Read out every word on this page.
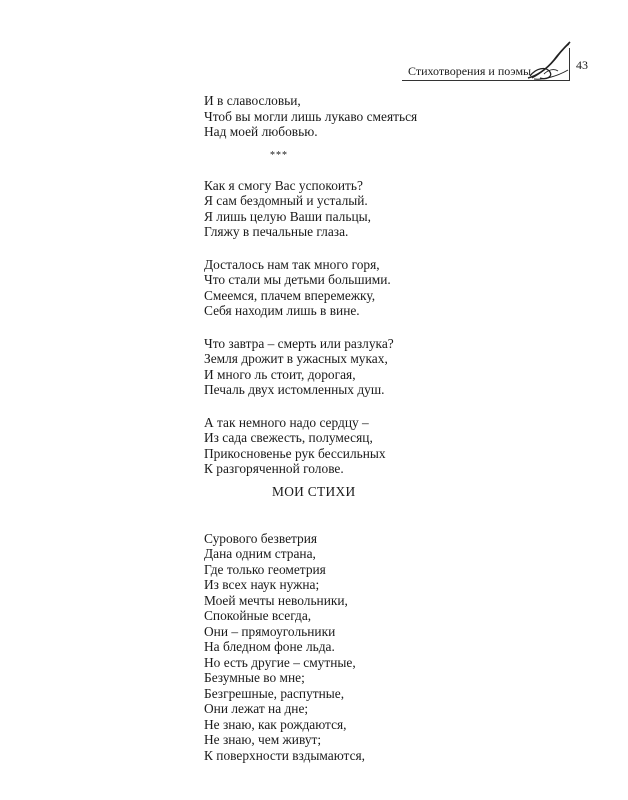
Стихотворения и поэмы	43
И в славословьи,
Чтоб вы могли лишь лукаво смеяться
Над моей любовью.
Как я смогу Вас успокоить?
Я сам бездомный и усталый.
Я лишь целую Ваши пальцы,
Гляжу в печальные глаза.
Досталось нам так много горя,
Что стали мы детьми большими.
Смеемся, плачем вперемежку,
Себя находим лишь в вине.
Что завтра – смерть или разлука?
Земля дрожит в ужасных муках,
И много ль стоит, дорогая,
Печаль двух истомленных душ.
А так немного надо сердцу –
Из сада свежесть, полумесяц,
Прикосновенье рук бессильных
К разгоряченной голове.
Сурового безветрия
Дана одним страна,
Где только геометрия
Из всех наук нужна;
Моей мечты невольники,
Спокойные всегда,
Они – прямоугольники
На бледном фоне льда.
Но есть другие – смутные,
Безумные во мне;
Безгрешные, распутные,
Они лежат на дне;
Не знаю, как рождаются,
Не знаю, чем живут;
К поверхности вздымаются,
***
МОИ СТИХИ
